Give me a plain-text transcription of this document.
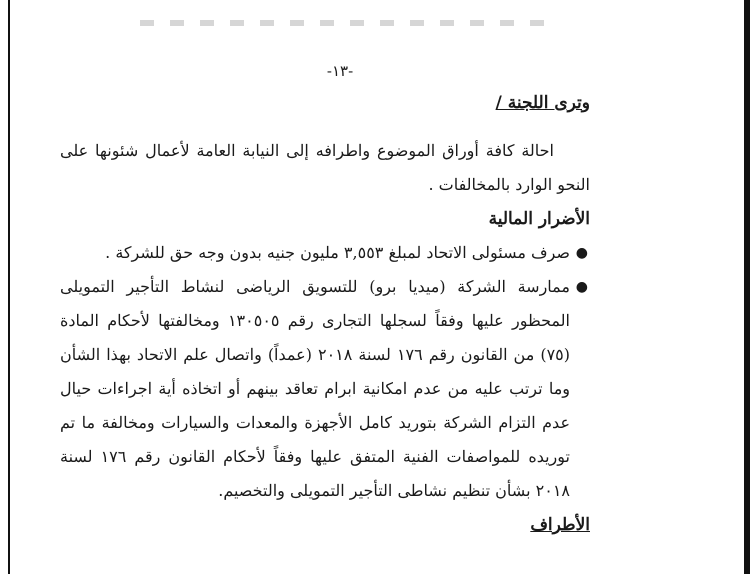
-١٣-
وترى اللجنة /

احالة كافة أوراق الموضوع واطرافه إلى النيابة العامة لأعمال شئونها على النحو الوارد بالمخالفات .

الأضرار المالية
●
صرف مسئولى الاتحاد لمبلغ ٣,٥٥٣ مليون جنيه بدون وجه حق للشركة .
●
ممارسة الشركة (ميديا برو) للتسويق الرياضى لنشاط التأجير التمويلى المحظور عليها وفقاً لسجلها التجارى رقم ١٣٠٥٠٥ ومخالفتها لأحكام المادة (٧٥) من القانون رقم ١٧٦ لسنة ٢٠١٨ (عمداً) واتصال علم الاتحاد بهذا الشأن وما ترتب عليه من عدم امكانية ابرام تعاقد بينهم أو اتخاذه أية اجراءات حيال عدم التزام الشركة بتوريد كامل الأجهزة والمعدات والسيارات ومخالفة ما تم توريده للمواصفات الفنية المتفق عليها وفقاً لأحكام القانون رقم ١٧٦ لسنة ٢٠١٨ بشأن تنظيم نشاطى التأجير التمويلى والتخصيم.
الأطراف
